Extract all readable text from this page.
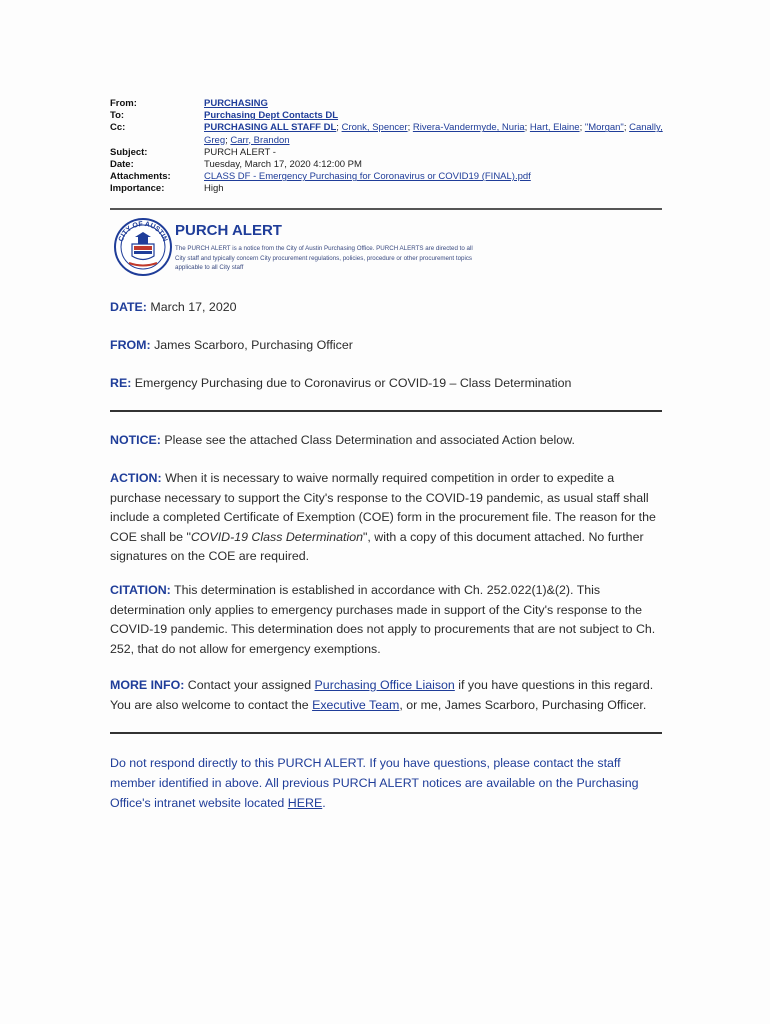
From:	PURCHASING
To:	Purchasing Dept Contacts DL
Cc:	PURCHASING ALL STAFF DL; Cronk, Spencer; Rivera-Vandermyde, Nuria; Hart, Elaine; "Morgan"; Canally, Greg; Carr, Brandon
Subject:	PURCH ALERT -
Date:	Tuesday, March 17, 2020 4:12:00 PM
Attachments:	CLASS DF - Emergency Purchasing for Coronavirus or COVID19 (FINAL).pdf
Importance:	High
CITY OF AUSTIN PURCH ALERT
The PURCH ALERT is a notice from the City of Austin Purchasing Office. PURCH ALERTS are directed to all City staff and typically concern City procurement regulations, policies, procedure or other procurement topics applicable to all City staff
DATE: March 17, 2020
FROM: James Scarboro, Purchasing Officer
RE: Emergency Purchasing due to Coronavirus or COVID-19 – Class Determination
NOTICE: Please see the attached Class Determination and associated Action below.
ACTION: When it is necessary to waive normally required competition in order to expedite a purchase necessary to support the City's response to the COVID-19 pandemic, as usual staff shall include a completed Certificate of Exemption (COE) form in the procurement file. The reason for the COE shall be "COVID-19 Class Determination", with a copy of this document attached. No further signatures on the COE are required.
CITATION: This determination is established in accordance with Ch. 252.022(1)&(2). This determination only applies to emergency purchases made in support of the City's response to the COVID-19 pandemic. This determination does not apply to procurements that are not subject to Ch. 252, that do not allow for emergency exemptions.
MORE INFO: Contact your assigned Purchasing Office Liaison if you have questions in this regard. You are also welcome to contact the Executive Team, or me, James Scarboro, Purchasing Officer.
Do not respond directly to this PURCH ALERT. If you have questions, please contact the staff member identified in above. All previous PURCH ALERT notices are available on the Purchasing Office's intranet website located HERE.
